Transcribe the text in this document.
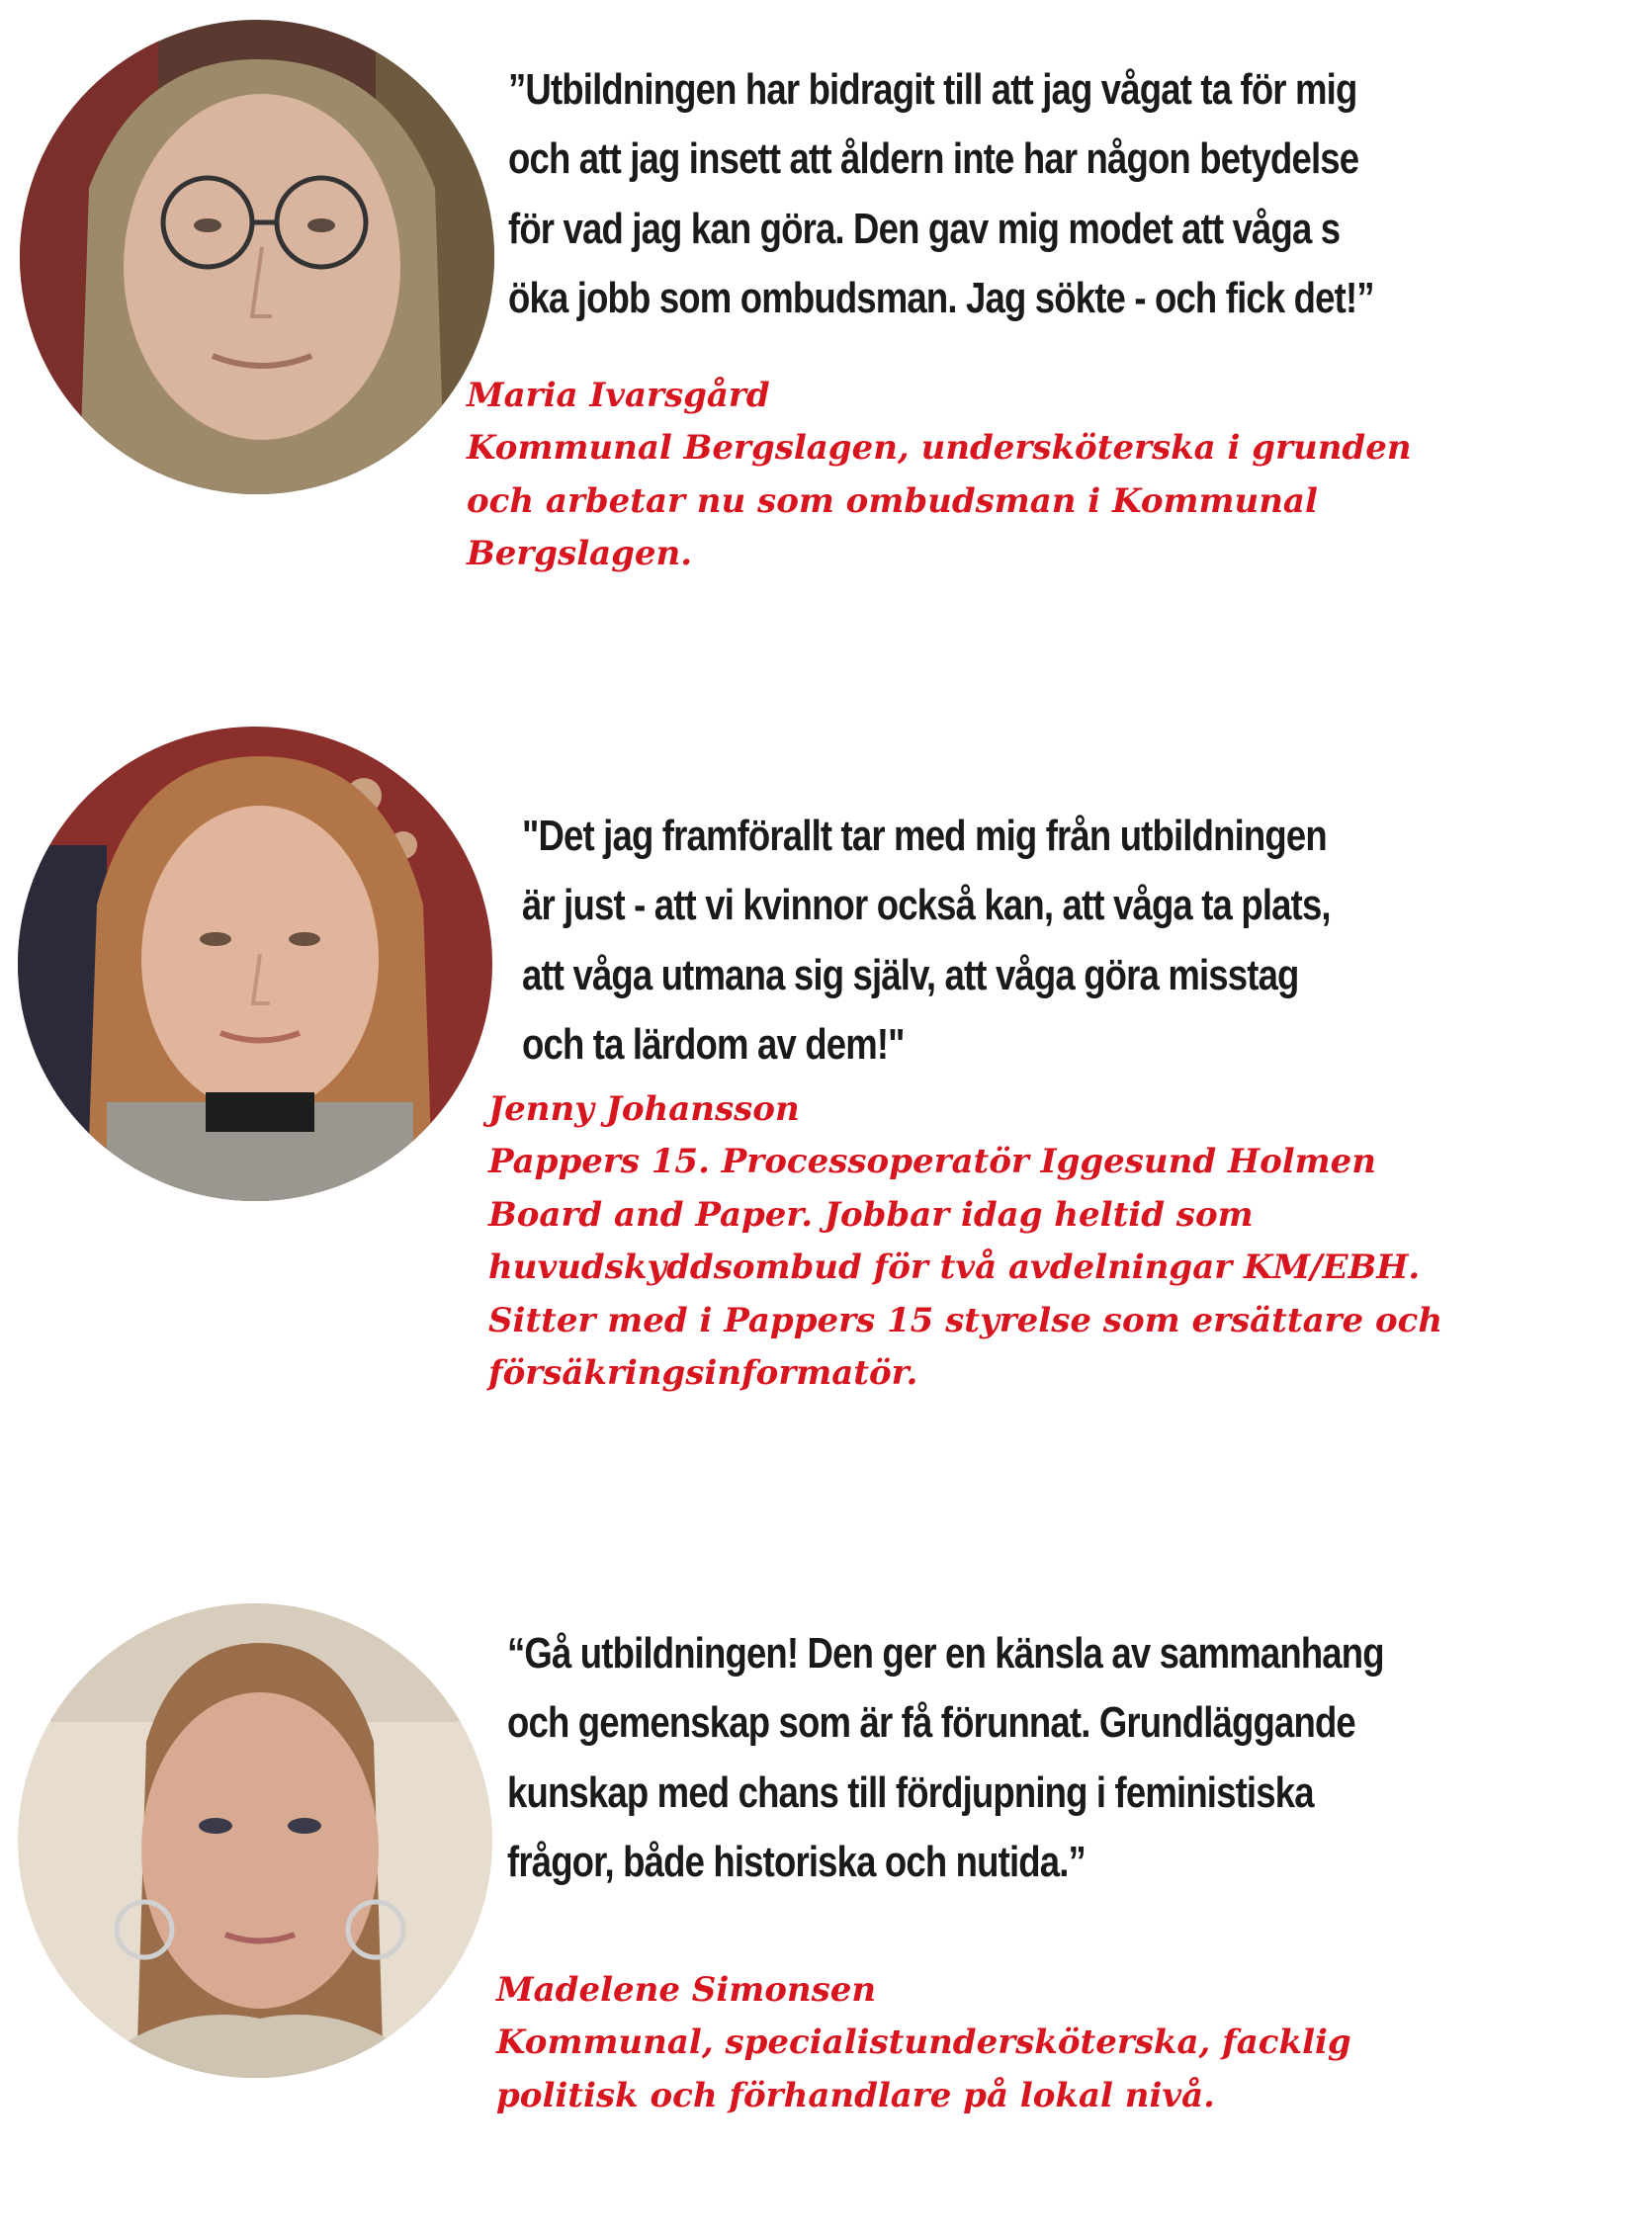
”Utbildningen har bidragit till att jag vågat ta för mig
och att jag insett att åldern inte har någon betydelse
för vad jag kan göra. Den gav mig modet att våga s
öka jobb som ombudsman. Jag sökte - och fick det!”
Maria Ivarsgård
Kommunal Bergslagen, undersköterska i grunden
och arbetar nu som ombudsman i Kommunal
Bergslagen.
"Det jag framförallt tar med mig från utbildningen
är just - att vi kvinnor också kan, att våga ta plats,
att våga utmana sig själv, att våga göra misstag
och ta lärdom av dem!"
Jenny Johansson
Pappers 15. Processoperatör Iggesund Holmen
Board and Paper. Jobbar idag heltid som
huvudskyddsombud för två avdelningar KM/EBH.
Sitter med i Pappers 15 styrelse som ersättare och
försäkringsinformatör.
“Gå utbildningen! Den ger en känsla av sammanhang
och gemenskap som är få förunnat. Grundläggande
kunskap med chans till fördjupning i feministiska
frågor, både historiska och nutida.”
Madelene Simonsen
Kommunal, specialistundersköterska, facklig
politisk och förhandlare på lokal nivå.
